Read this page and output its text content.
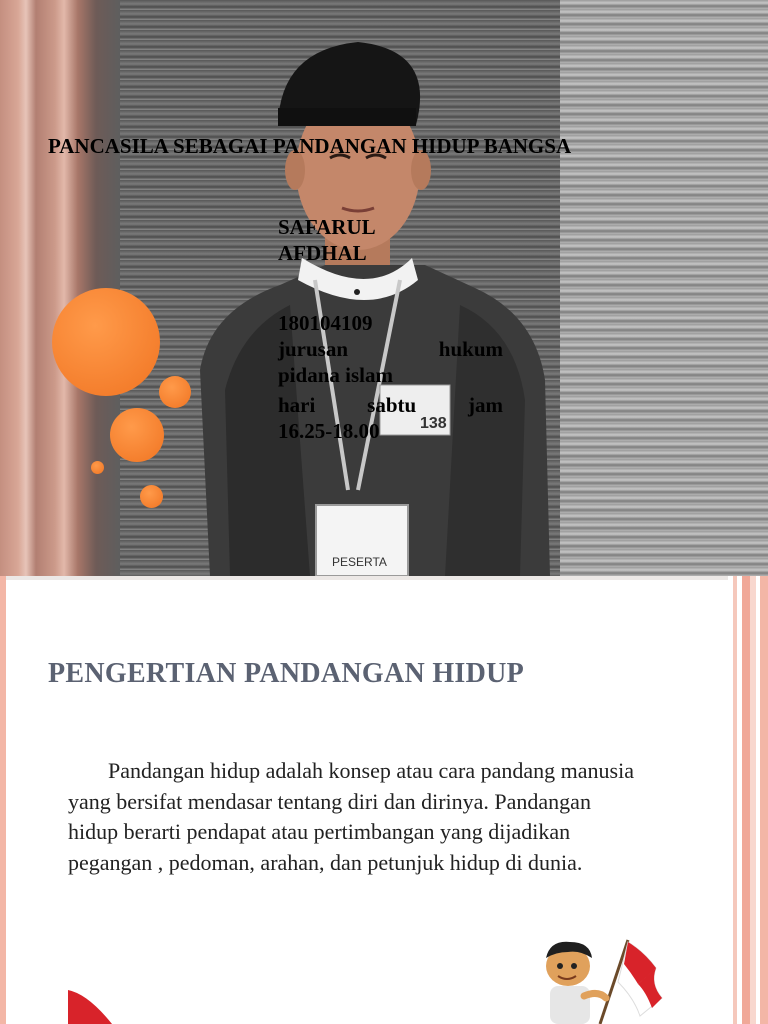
138
PESERTA
PANCASILA SEBAGAI PANDANGAN HIDUP BANGSA
SAFARUL
AFDHAL
180104109
jurusan	hukum
pidana islam
hari sabtu jam
16.25-18.00
PENGERTIAN PANDANGAN HIDUP
Pandangan hidup adalah konsep atau cara pandang manusia
yang bersifat mendasar tentang diri dan dirinya. Pandangan
hidup berarti pendapat atau pertimbangan yang dijadikan
pegangan , pedoman, arahan, dan petunjuk hidup di dunia.
